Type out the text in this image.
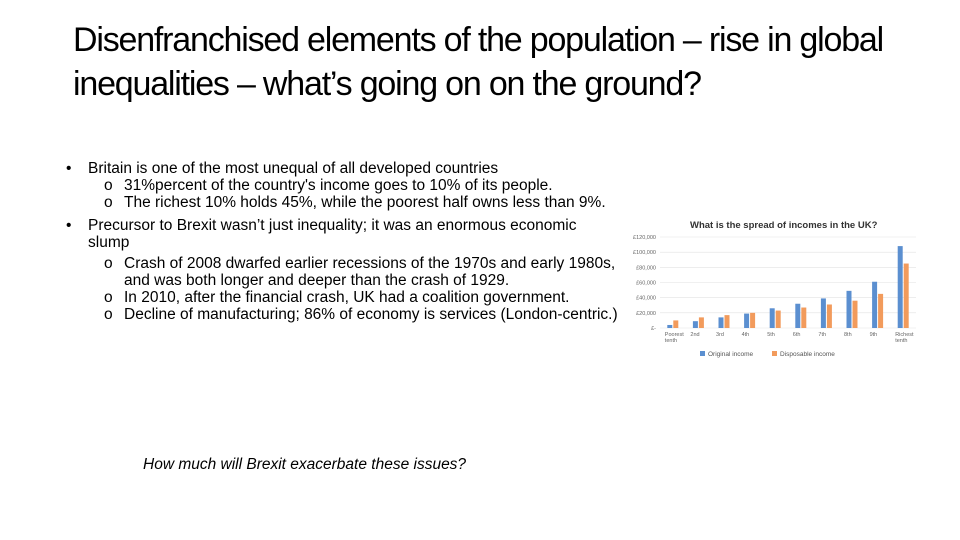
Disenfranchised elements of the population – rise in global inequalities – what’s going on on the ground?

• Britain is one of the most unequal of all developed countries

o 31%percent of the country's income goes to 10% of its people.

o The richest 10% holds 45%, while the poorest half owns less than 9%.

• Precursor to Brexit wasn’t just inequality; it was an enormous economic slump

o Crash of 2008 dwarfed earlier recessions of the 1970s and early 1980s, and was both longer and deeper than the crash of 1929.

o In 2010, after the financial crash, UK had a coalition government.

o Decline of manufacturing; 86% of economy is services (London-centric.)

How much will Brexit exacerbate these issues?
What is the spread of incomes in the UK?
£120,000
£100,000
£80,000
£60,000
£40,000
£20,000
£-
Poorest
tenth
2nd	3rd	4th	5th	6th	7th	8th	9th	Richest
tenth
Original income	Disposable income
